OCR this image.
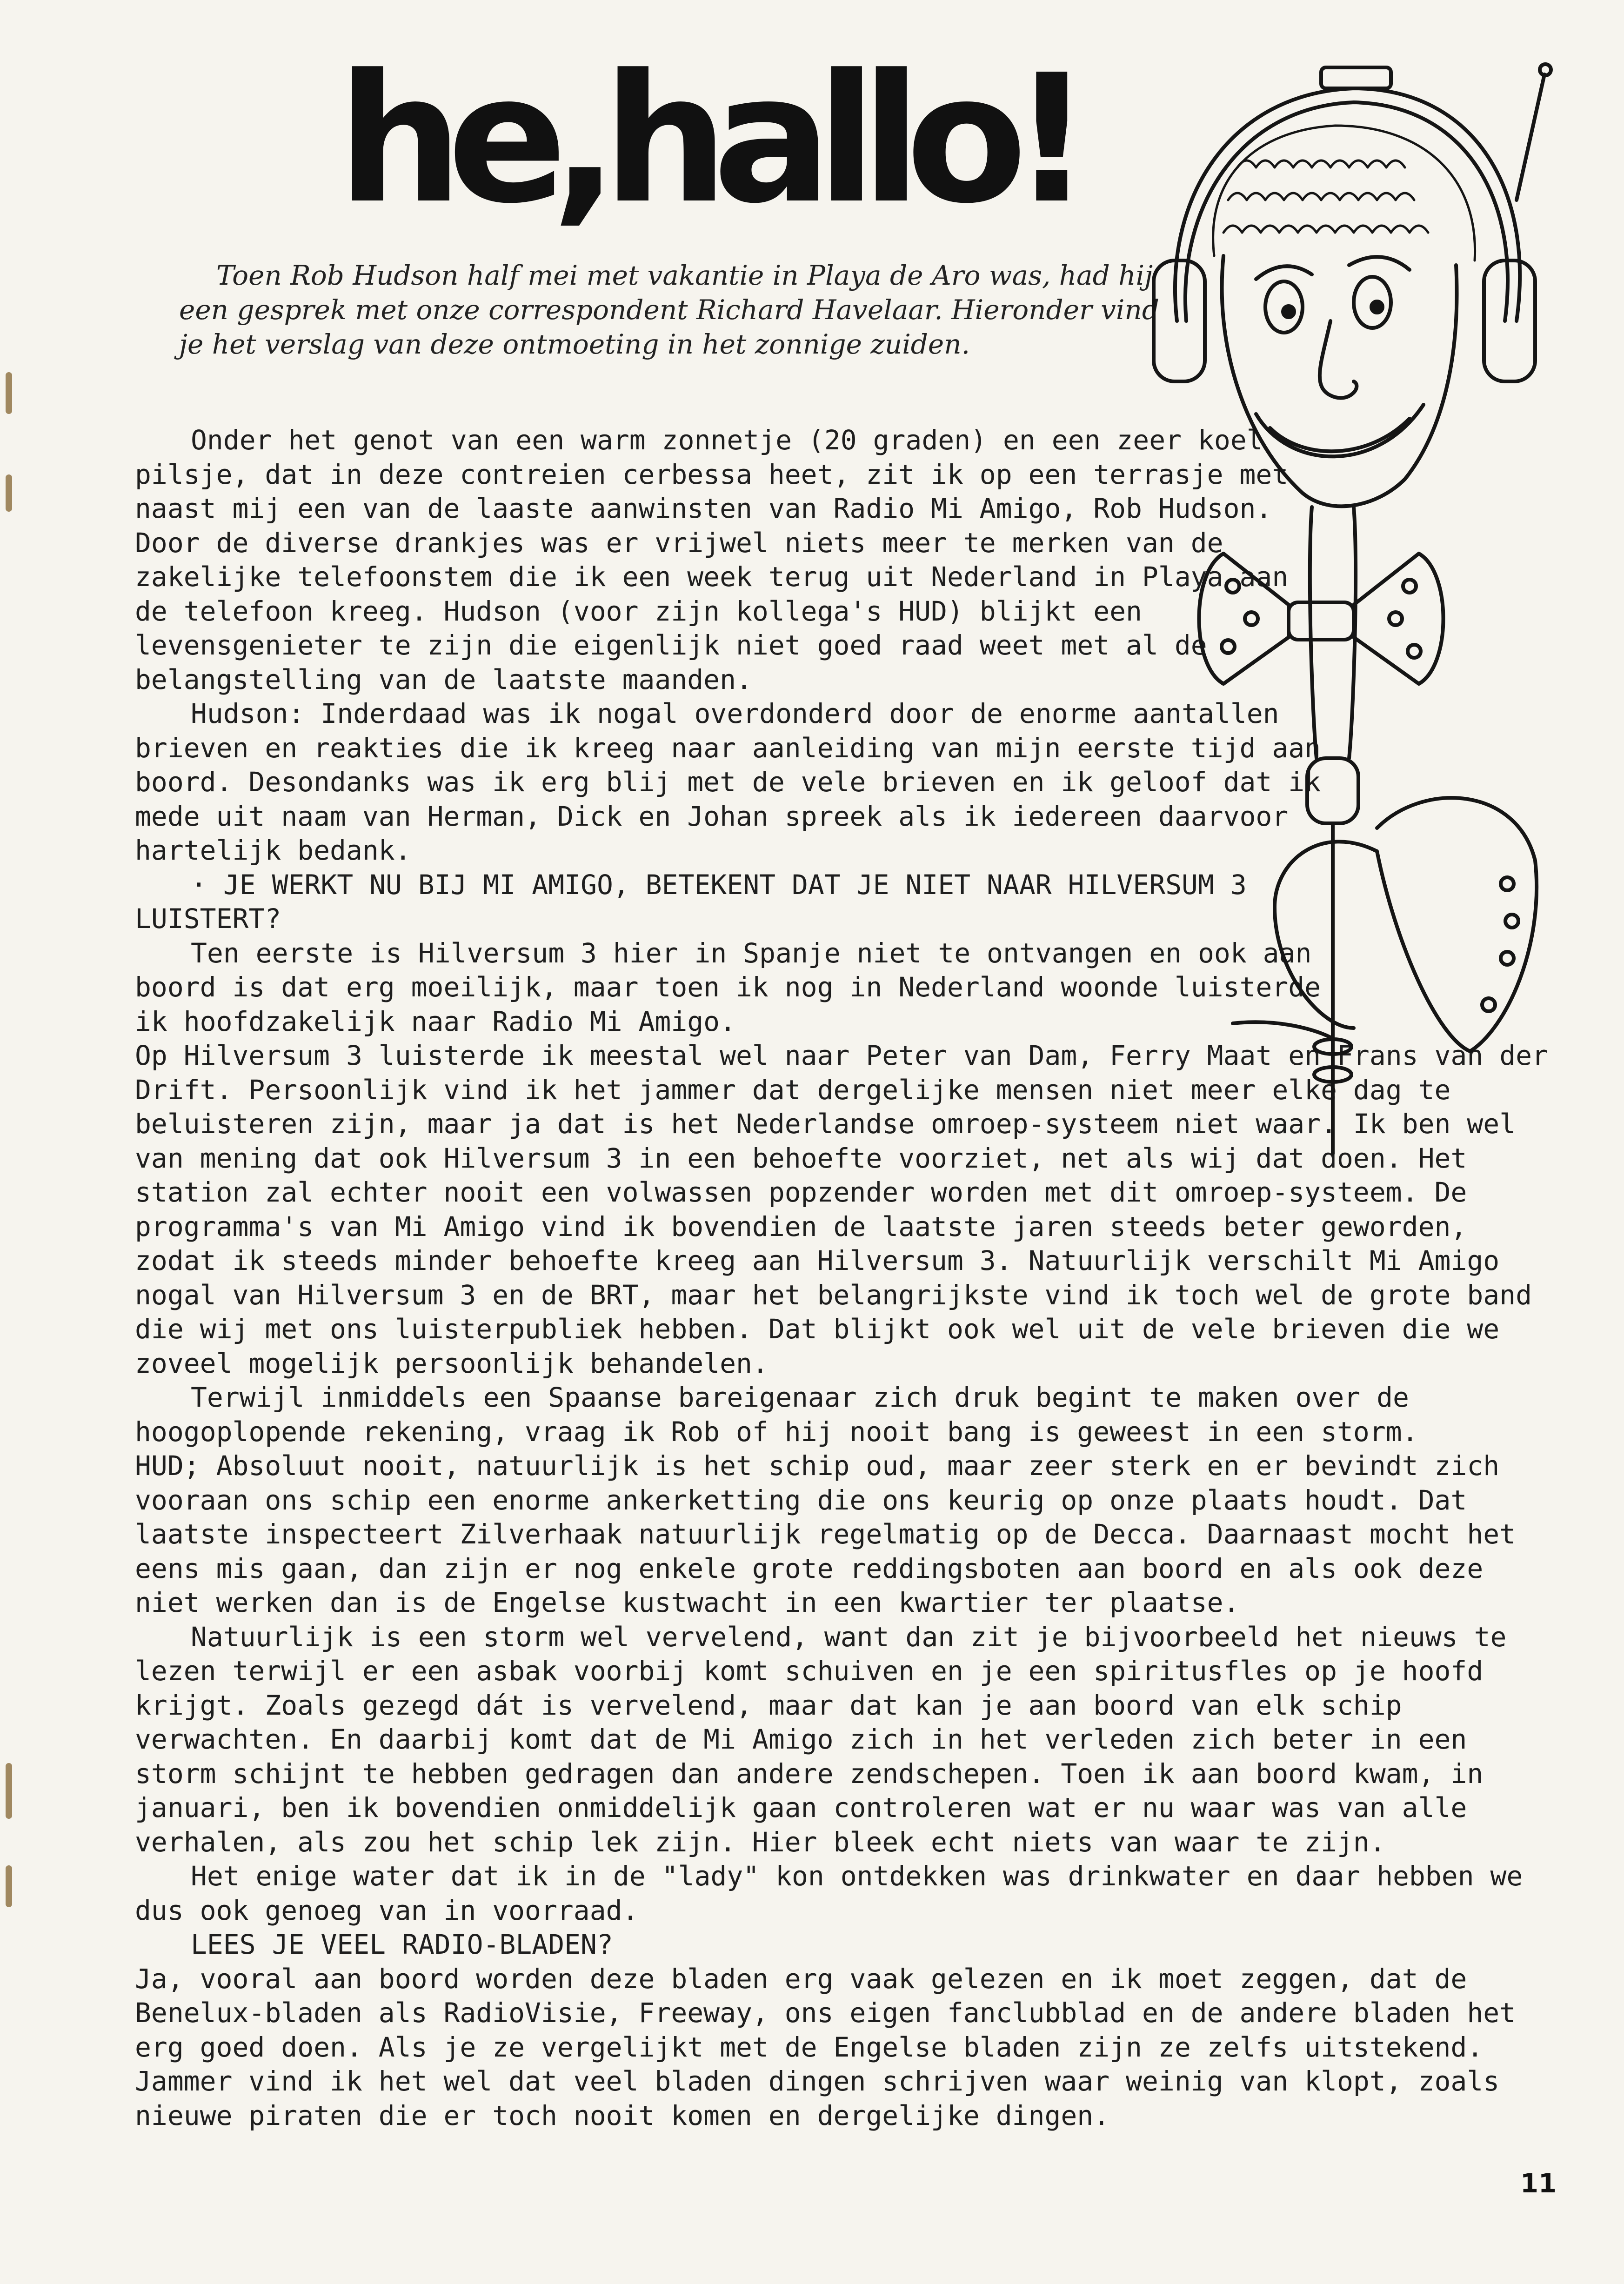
he,hallo!

Toen Rob Hudson half mei met vakantie in Playa de Aro was, had hij een gesprek met onze correspondent Richard Havelaar. Hieronder vind je het verslag van deze ontmoeting in het zonnige zuiden.

Onder het genot van een warm zonnetje (20 graden) en een zeer koel pilsje, dat in deze contreien cerbessa heet, zit ik op een terrasje met naast mij een van de laaste aanwinsten van Radio Mi Amigo, Rob Hudson. Door de diverse drankjes was er vrijwel niets meer te merken van de zakelijke telefoonstem die ik een week terug uit Nederland in Playa aan de telefoon kreeg. Hudson (voor zijn kollega's HUD) blijkt een levensgenieter te zijn die eigenlijk niet goed raad weet met al de belangstelling van de laatste maanden.

Hudson: Inderdaad was ik nogal overdonderd door de enorme aantallen brieven en reakties die ik kreeg naar aanleiding van mijn eerste tijd aan boord. Desondanks was ik erg blij met de vele brieven en ik geloof dat ik mede uit naam van Herman, Dick en Johan spreek als ik iedereen daarvoor hartelijk bedank.

· JE WERKT NU BIJ MI AMIGO, BETEKENT DAT JE NIET NAAR HILVERSUM 3 LUISTERT?

Ten eerste is Hilversum 3 hier in Spanje niet te ontvangen en ook aan boord is dat erg moeilijk, maar toen ik nog in Nederland woonde luisterde ik hoofdzakelijk naar Radio Mi Amigo.

Op Hilversum 3 luisterde ik meestal wel naar Peter van Dam, Ferry Maat en Frans van der Drift. Persoonlijk vind ik het jammer dat dergelijke mensen niet meer elke dag te beluisteren zijn, maar ja dat is het Nederlandse omroep-systeem niet waar. Ik ben wel van mening dat ook Hilversum 3 in een behoefte voorziet, net als wij dat doen. Het station zal echter nooit een volwassen popzender worden met dit omroep-systeem. De programma's van Mi Amigo vind ik bovendien de laatste jaren steeds beter geworden, zodat ik steeds minder behoefte kreeg aan Hilversum 3. Natuurlijk verschilt Mi Amigo nogal van Hilversum 3 en de BRT, maar het belangrijkste vind ik toch wel de grote band die wij met ons luisterpubliek hebben. Dat blijkt ook wel uit de vele brieven die we zoveel mogelijk persoonlijk behandelen.

Terwijl inmiddels een Spaanse bareigenaar zich druk begint te maken over de hoogoplopende rekening, vraag ik Rob of hij nooit bang is geweest in een storm.

HUD; Absoluut nooit, natuurlijk is het schip oud, maar zeer sterk en er bevindt zich vooraan ons schip een enorme ankerketting die ons keurig op onze plaats houdt. Dat laatste inspecteert Zilverhaak natuurlijk regelmatig op de Decca. Daarnaast mocht het eens mis gaan, dan zijn er nog enkele grote reddingsboten aan boord en als ook deze niet werken dan is de Engelse kustwacht in een kwartier ter plaatse.

Natuurlijk is een storm wel vervelend, want dan zit je bijvoorbeeld het nieuws te lezen terwijl er een asbak voorbij komt schuiven en je een spiritusfles op je hoofd krijgt. Zoals gezegd dát is vervelend, maar dat kan je aan boord van elk schip verwachten. En daarbij komt dat de Mi Amigo zich in het verleden zich beter in een storm schijnt te hebben gedragen dan andere zendschepen. Toen ik aan boord kwam, in januari, ben ik bovendien onmiddelijk gaan controleren wat er nu waar was van alle verhalen, als zou het schip lek zijn. Hier bleek echt niets van waar te zijn.

Het enige water dat ik in de "lady" kon ontdekken was drinkwater en daar hebben we dus ook genoeg van in voorraad.

LEES JE VEEL RADIO-BLADEN?

Ja, vooral aan boord worden deze bladen erg vaak gelezen en ik moet zeggen, dat de Benelux-bladen als RadioVisie, Freeway, ons eigen fanclubblad en de andere bladen het erg goed doen. Als je ze vergelijkt met de Engelse bladen zijn ze zelfs uitstekend. Jammer vind ik het wel dat veel bladen dingen schrijven waar weinig van klopt, zoals nieuwe piraten die er toch nooit komen en dergelijke dingen.

11
